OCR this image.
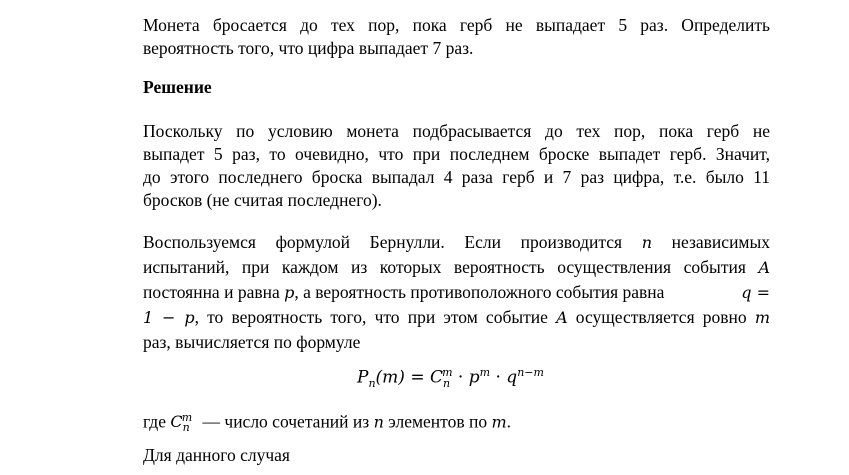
Монета бросается до тех пор, пока герб не выпадает 5 раз. Определить
вероятность того, что цифра выпадает 7 раз.
Решение
Поскольку по условию монета подбрасывается до тех пор, пока герб не
выпадет 5 раз, то очевидно, что при последнем броске выпадет герб. Значит,
до этого последнего броска выпадал 4 раза герб и 7 раз цифра, т.е. было 11
бросков (не считая последнего).
Воспользуемся формулой Бернулли. Если производится n независимых
испытаний, при каждом из которых вероятность осуществления события A
постоянна и равна p, а вероятность противоположного события равна	q =
1 − p, то вероятность того, что при этом событие A осуществляется ровно m
раз, вычисляется по формуле
$P_n(m) = C_n^m \cdot p^m \cdot q^{n-m}$
где $C_n^m$ — число сочетаний из n элементов по m.
Для данного случая
